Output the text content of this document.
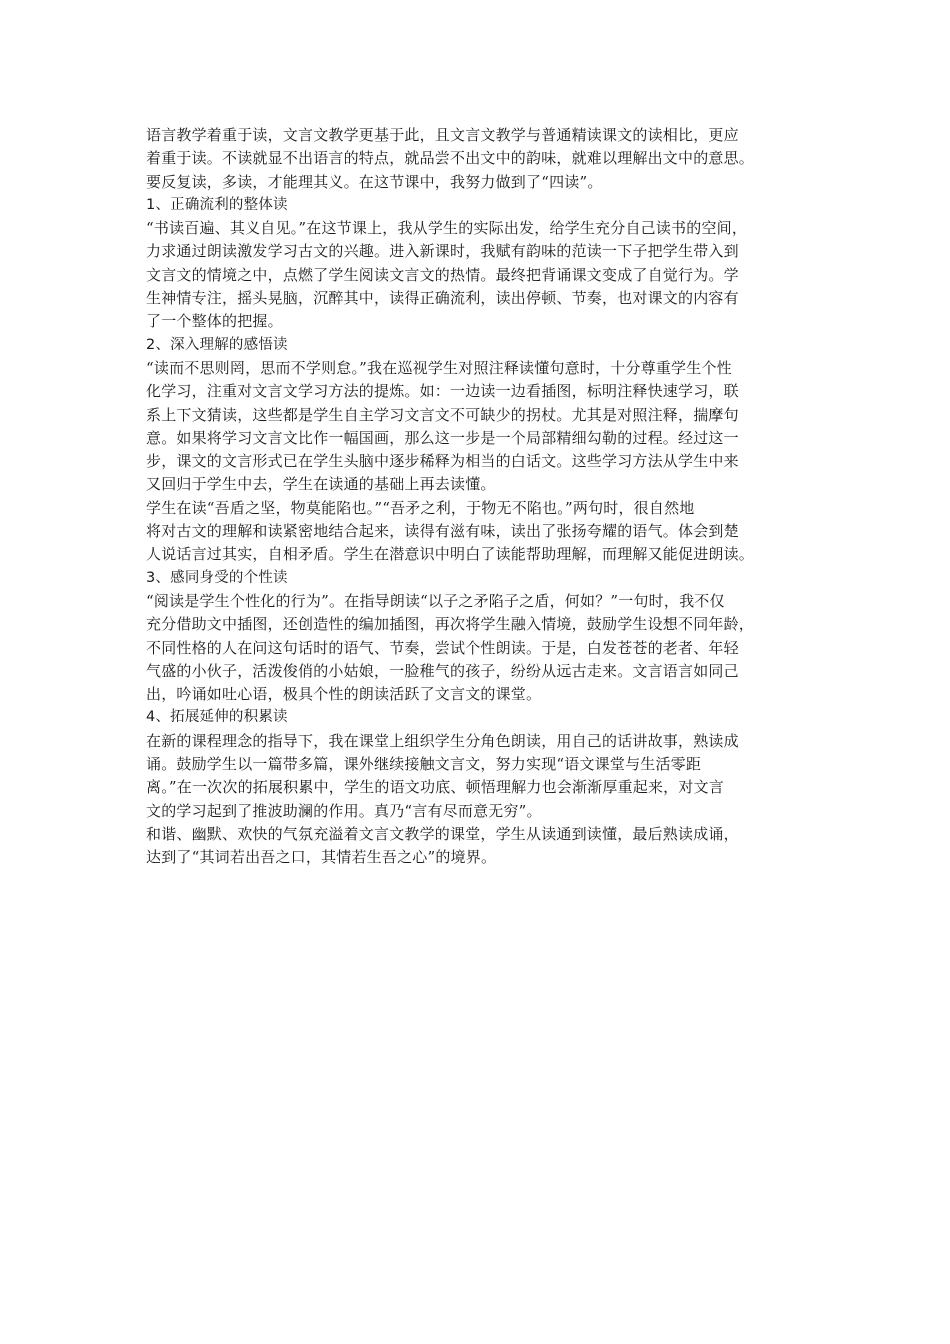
语言教学着重于读，文言文教学更基于此，且文言文教学与普通精读课文的读相比，更应
着重于读。不读就显不出语言的特点，就品尝不出文中的韵味，就难以理解出文中的意思。
要反复读，多读，才能理其义。在这节课中，我努力做到了“四读”。
1、正确流利的整体读
“书读百遍、其义自见。”在这节课上，我从学生的实际出发，给学生充分自己读书的空间，
力求通过朗读激发学习古文的兴趣。进入新课时，我赋有韵味的范读一下子把学生带入到
文言文的情境之中，点燃了学生阅读文言文的热情。最终把背诵课文变成了自觉行为。学
生神情专注，摇头晃脑，沉醉其中，读得正确流利，读出停顿、节奏，也对课文的内容有
了一个整体的把握。
2、深入理解的感悟读
“读而不思则罔，思而不学则怠。”我在巡视学生对照注释读懂句意时，十分尊重学生个性
化学习，注重对文言文学习方法的提炼。如：一边读一边看插图，标明注释快速学习，联
系上下文猜读，这些都是学生自主学习文言文不可缺少的拐杖。尤其是对照注释，揣摩句
意。如果将学习文言文比作一幅国画，那么这一步是一个局部精细勾勒的过程。经过这一
步，课文的文言形式已在学生头脑中逐步稀释为相当的白话文。这些学习方法从学生中来
又回归于学生中去，学生在读通的基础上再去读懂。
学生在读“吾盾之坚，物莫能陷也。”“吾矛之利，于物无不陷也。”两句时，很自然地
将对古文的理解和读紧密地结合起来，读得有滋有味，读出了张扬夸耀的语气。体会到楚
人说话言过其实，自相矛盾。学生在潜意识中明白了读能帮助理解，而理解又能促进朗读。
3、感同身受的个性读
“阅读是学生个性化的行为”。在指导朗读“以子之矛陷子之盾，何如？”一句时，我不仅
充分借助文中插图，还创造性的编加插图，再次将学生融入情境，鼓励学生设想不同年龄，
不同性格的人在问这句话时的语气、节奏，尝试个性朗读。于是，白发苍苍的老者、年轻
气盛的小伙子，活泼俊俏的小姑娘，一脸稚气的孩子，纷纷从远古走来。文言语言如同己
出，吟诵如吐心语，极具个性的朗读活跃了文言文的课堂。
4、拓展延伸的积累读
在新的课程理念的指导下，我在课堂上组织学生分角色朗读，用自己的话讲故事，熟读成
诵。鼓励学生以一篇带多篇，课外继续接触文言文，努力实现“语文课堂与生活零距
离。”在一次次的拓展积累中，学生的语文功底、顿悟理解力也会渐渐厚重起来，对文言
文的学习起到了推波助澜的作用。真乃“言有尽而意无穷”。
和谐、幽默、欢快的气氛充溢着文言文教学的课堂，学生从读通到读懂，最后熟读成诵，
达到了“其词若出吾之口，其情若生吾之心”的境界。
